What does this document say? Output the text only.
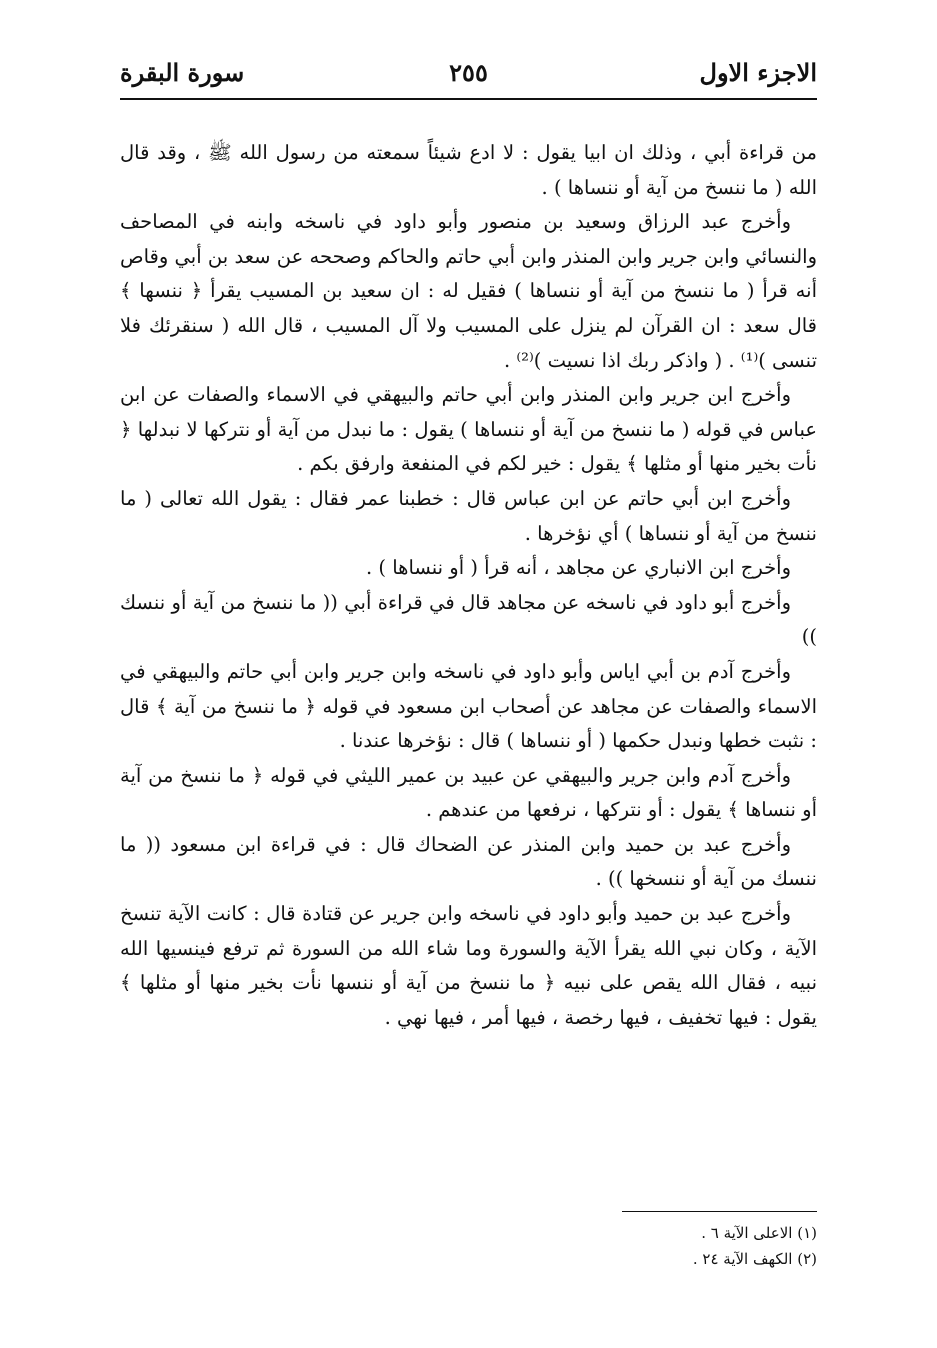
الاجزء الاول
٢٥٥
سورة البقرة

من قراءة أبي ، وذلك ان ابيا يقول : لا ادع شيئاً سمعته من رسول الله ﷺ ، وقد قال الله ( ما ننسخ من آية أو ننساها ) .

وأخرج عبد الرزاق وسعيد بن منصور وأبو داود في ناسخه وابنه في المصاحف والنسائي وابن جرير وابن المنذر وابن أبي حاتم والحاكم وصححه عن سعد بن أبي وقاص أنه قرأ ( ما ننسخ من آية أو ننساها ) فقيل له : ان سعيد بن المسيب يقرأ ﴿ ننسها ﴾ قال سعد : ان القرآن لم ينزل على المسيب ولا آل المسيب ، قال الله ( سنقرئك فلا تنسى )⁽¹⁾ . ( واذكر ربك اذا نسيت )⁽²⁾ .

وأخرج ابن جرير وابن المنذر وابن أبي حاتم والبيهقي في الاسماء والصفات عن ابن عباس في قوله ( ما ننسخ من آية أو ننساها ) يقول : ما نبدل من آية أو نتركها لا نبدلها ﴿ نأت بخير منها أو مثلها ﴾ يقول : خير لكم في المنفعة وارفق بكم .

وأخرج ابن أبي حاتم عن ابن عباس قال : خطبنا عمر فقال : يقول الله تعالى ( ما ننسخ من آية أو ننساها ) أي نؤخرها .

وأخرج ابن الانباري عن مجاهد ، أنه قرأ ( أو ننساها ) .

وأخرج أبو داود في ناسخه عن مجاهد قال في قراءة أبي (( ما ننسخ من آية أو ننسك ))

وأخرج آدم بن أبي اياس وأبو داود في ناسخه وابن جرير وابن أبي حاتم والبيهقي في الاسماء والصفات عن مجاهد عن أصحاب ابن مسعود في قوله ﴿ ما ننسخ من آية ﴾ قال : نثبت خطها ونبدل حكمها ( أو ننساها ) قال : نؤخرها عندنا .

وأخرج آدم وابن جرير والبيهقي عن عبيد بن عمير الليثي في قوله ﴿ ما ننسخ من آية أو ننساها ﴾ يقول : أو نتركها ، نرفعها من عندهم .

وأخرج عبد بن حميد وابن المنذر عن الضحاك قال : في قراءة ابن مسعود (( ما ننسك من آية أو ننسخها )) .

وأخرج عبد بن حميد وأبو داود في ناسخه وابن جرير عن قتادة قال : كانت الآية تنسخ الآية ، وكان نبي الله يقرأ الآية والسورة وما شاء الله من السورة ثم ترفع فينسيها الله نبيه ، فقال الله يقص على نبيه ﴿ ما ننسخ من آية أو ننسها نأت بخير منها أو مثلها ﴾ يقول : فيها تخفيف ، فيها رخصة ، فيها أمر ، فيها نهي .

(١) الاعلى الآية ٦ .

(٢) الكهف الآية ٢٤ .
